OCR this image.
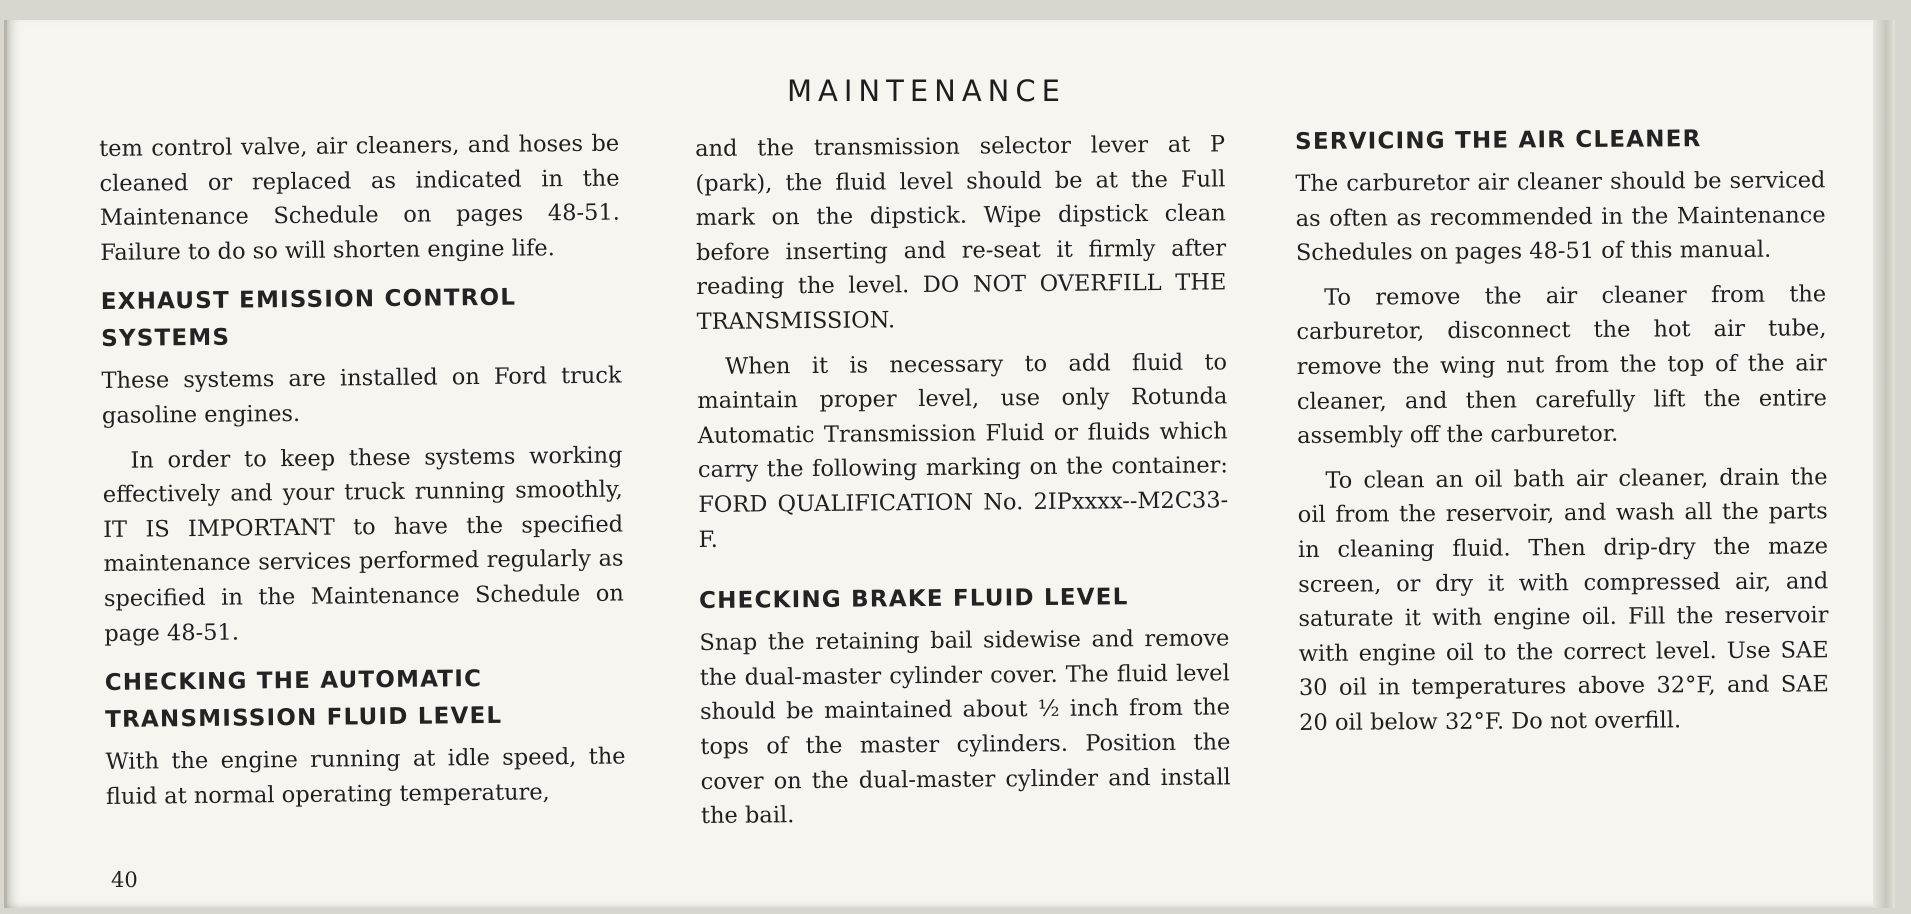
MAINTENANCE

tem control valve, air cleaners, and hoses be cleaned or replaced as indicated in the Maintenance Schedule on pages 48-51. Failure to do so will shorten engine life.

EXHAUST EMISSION CONTROL SYSTEMS

These systems are installed on Ford truck gasoline engines.

In order to keep these systems working effectively and your truck running smoothly, IT IS IMPORTANT to have the specified maintenance services performed regularly as specified in the Maintenance Schedule on page 48-51.

CHECKING THE AUTOMATIC TRANSMISSION FLUID LEVEL

With the engine running at idle speed, the fluid at normal operating temperature,

and the transmission selector lever at P (park), the fluid level should be at the Full mark on the dipstick. Wipe dipstick clean before inserting and re-seat it firmly after reading the level. DO NOT OVERFILL THE TRANSMISSION.

When it is necessary to add fluid to maintain proper level, use only Rotunda Automatic Transmission Fluid or fluids which carry the following marking on the container: FORD QUALIFICATION No. 2IPxxxx--M2C33-F.

CHECKING BRAKE FLUID LEVEL

Snap the retaining bail sidewise and remove the dual-master cylinder cover. The fluid level should be maintained about ½ inch from the tops of the master cylinders. Position the cover on the dual-master cylinder and install the bail.

SERVICING THE AIR CLEANER

The carburetor air cleaner should be serviced as often as recommended in the Maintenance Schedules on pages 48-51 of this manual.

To remove the air cleaner from the carburetor, disconnect the hot air tube, remove the wing nut from the top of the air cleaner, and then carefully lift the entire assembly off the carburetor.

To clean an oil bath air cleaner, drain the oil from the reservoir, and wash all the parts in cleaning fluid. Then drip-dry the maze screen, or dry it with compressed air, and saturate it with engine oil. Fill the reservoir with engine oil to the correct level. Use SAE 30 oil in temperatures above 32°F, and SAE 20 oil below 32°F. Do not overfill.

40
